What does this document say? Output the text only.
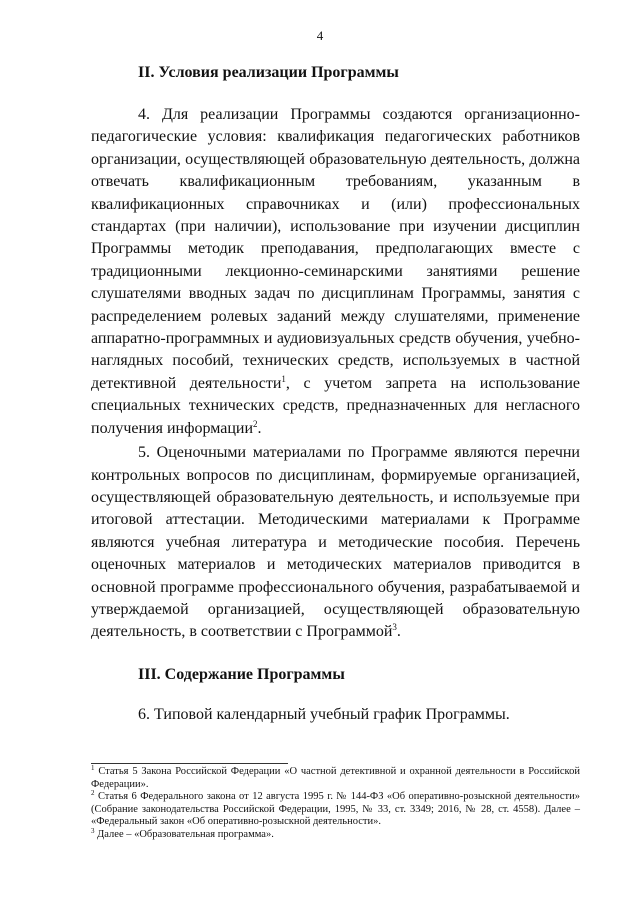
4
II. Условия реализации Программы

4. Для реализации Программы создаются организационно-педагогические условия: квалификация педагогических работников организации, осуществляющей образовательную деятельность, должна отвечать квалификационным требованиям, указанным в квалификационных справочниках и (или) профессиональных стандартах (при наличии), использование при изучении дисциплин Программы методик преподавания, предполагающих вместе с традиционными лекционно-семинарскими занятиями решение слушателями вводных задач по дисциплинам Программы, занятия с распределением ролевых заданий между слушателями, применение аппаратно-программных и аудиовизуальных средств обучения, учебно-наглядных пособий, технических средств, используемых в частной детективной деятельности$^1$, с учетом запрета на использование специальных технических средств, предназначенных для негласного получения информации$^2$.

5. Оценочными материалами по Программе являются перечни контрольных вопросов по дисциплинам, формируемые организацией, осуществляющей образовательную деятельность, и используемые при итоговой аттестации. Методическими материалами к Программе являются учебная литература и методические пособия. Перечень оценочных материалов и методических материалов приводится в основной программе профессионального обучения, разрабатываемой и утверждаемой организацией, осуществляющей образовательную деятельность, в соответствии с Программой$^3$.

III. Содержание Программы

6. Типовой календарный учебный график Программы.

$^1$ Статья 5 Закона Российской Федерации «О частной детективной и охранной деятельности в Российской Федерации».

$^2$ Статья 6 Федерального закона от 12 августа 1995 г. № 144-ФЗ «Об оперативно-розыскной деятельности» (Собрание законодательства Российской Федерации, 1995, № 33, ст. 3349; 2016, № 28, ст. 4558). Далее – «Федеральный закон «Об оперативно-розыскной деятельности».

$^3$ Далее – «Образовательная программа».
